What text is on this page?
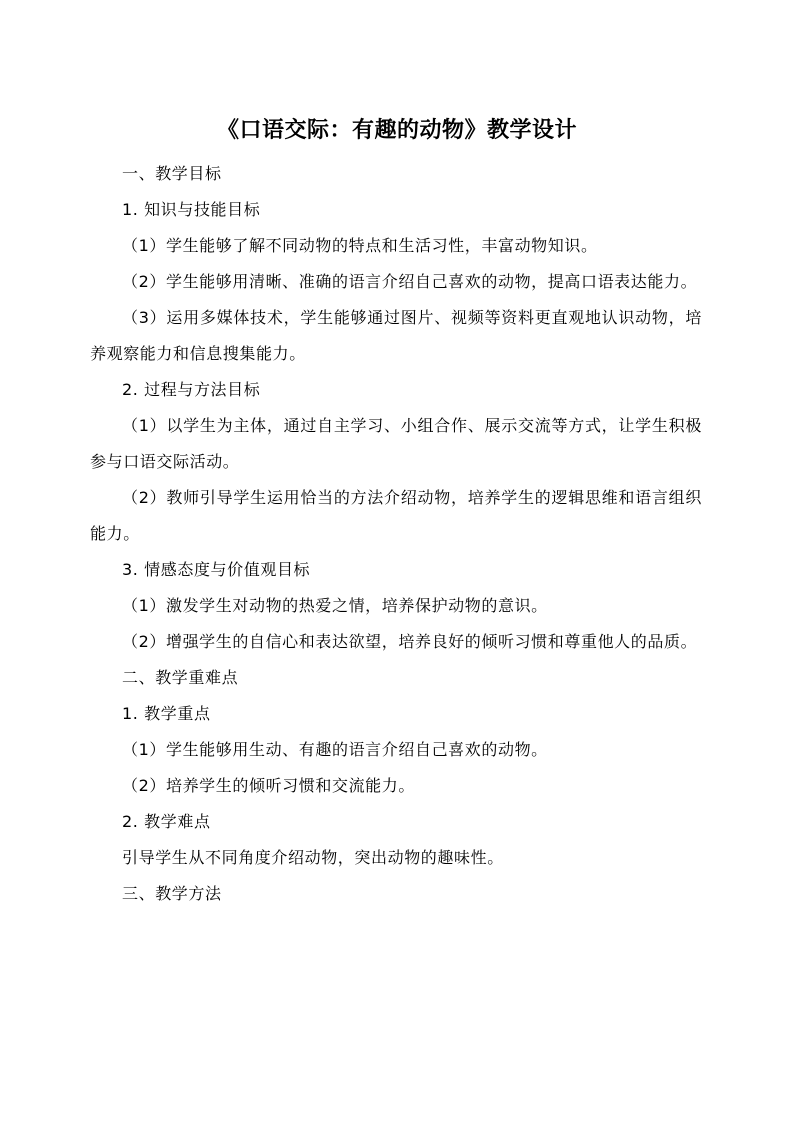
《口语交际：有趣的动物》教学设计

一、教学目标

1. 知识与技能目标

（1）学生能够了解不同动物的特点和生活习性，丰富动物知识。

（2）学生能够用清晰、准确的语言介绍自己喜欢的动物，提高口语表达能力。

（3）运用多媒体技术，学生能够通过图片、视频等资料更直观地认识动物，培养观察能力和信息搜集能力。

2. 过程与方法目标

（1）以学生为主体，通过自主学习、小组合作、展示交流等方式，让学生积极参与口语交际活动。

（2）教师引导学生运用恰当的方法介绍动物，培养学生的逻辑思维和语言组织能力。

3. 情感态度与价值观目标

（1）激发学生对动物的热爱之情，培养保护动物的意识。

（2）增强学生的自信心和表达欲望，培养良好的倾听习惯和尊重他人的品质。

二、教学重难点

1. 教学重点

（1）学生能够用生动、有趣的语言介绍自己喜欢的动物。

（2）培养学生的倾听习惯和交流能力。

2. 教学难点

引导学生从不同角度介绍动物，突出动物的趣味性。

三、教学方法
